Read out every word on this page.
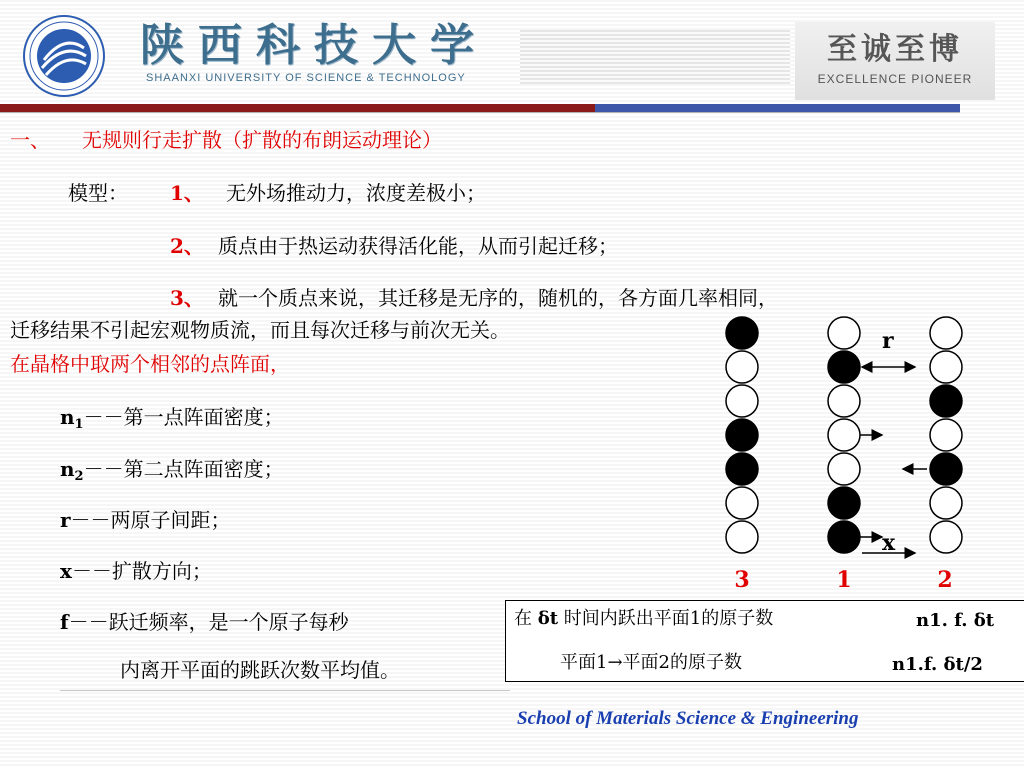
陕西科技大学
SHAANXI UNIVERSITY OF SCIENCE & TECHNOLOGY
至诚至博
EXCELLENCE PIONEER
一、 无规则行走扩散（扩散的布朗运动理论）
模型： 1、 无外场推动力，浓度差极小；
2、 质点由于热运动获得活化能，从而引起迁移；
3、 就一个质点来说，其迁移是无序的，随机的，各方面几率相同，
迁移结果不引起宏观物质流，而且每次迁移与前次无关。
在晶格中取两个相邻的点阵面，
$n_1--$第一点阵面密度；
$n_2--$第二点阵面密度；
r－－两原子间距；
x－－扩散方向；
f－－跃迁频率，是一个原子每秒
内离开平面的跳跃次数平均值。
r
x
3	1	2
在 δt 时间内跃出平面1的原子数	n1. f. δt
平面1→平面2的原子数	n1.f. δt/2
School of Materials Science & Engineering
